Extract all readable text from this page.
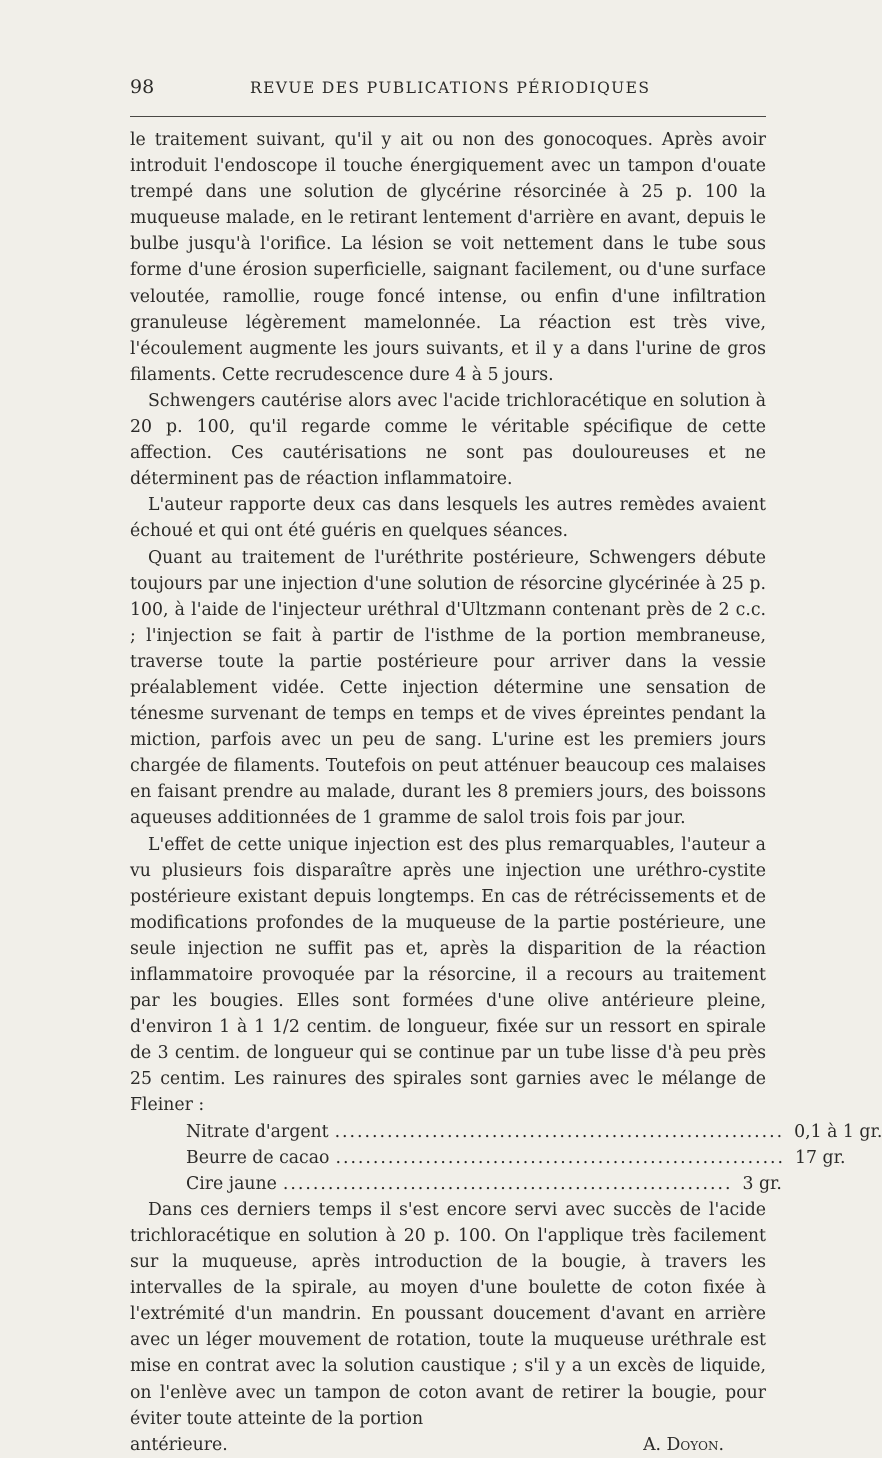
98	REVUE DES PUBLICATIONS PÉRIODIQUES

le traitement suivant, qu'il y ait ou non des gonocoques. Après avoir introduit l'endoscope il touche énergiquement avec un tampon d'ouate trempé dans une solution de glycérine résorcinée à 25 p. 100 la muqueuse malade, en le retirant lentement d'arrière en avant, depuis le bulbe jusqu'à l'orifice. La lésion se voit nettement dans le tube sous forme d'une érosion superficielle, saignant facilement, ou d'une surface veloutée, ramollie, rouge foncé intense, ou enfin d'une infiltration granuleuse légèrement mamelonnée. La réaction est très vive, l'écoulement augmente les jours suivants, et il y a dans l'urine de gros filaments. Cette recrudescence dure 4 à 5 jours.

Schwengers cautérise alors avec l'acide trichloracétique en solution à 20 p. 100, qu'il regarde comme le véritable spécifique de cette affection. Ces cautérisations ne sont pas douloureuses et ne déterminent pas de réaction inflammatoire.

L'auteur rapporte deux cas dans lesquels les autres remèdes avaient échoué et qui ont été guéris en quelques séances.

Quant au traitement de l'uréthrite postérieure, Schwengers débute toujours par une injection d'une solution de résorcine glycérinée à 25 p. 100, à l'aide de l'injecteur uréthral d'Ultzmann contenant près de 2 c.c. ; l'injection se fait à partir de l'isthme de la portion membraneuse, traverse toute la partie postérieure pour arriver dans la vessie préalablement vidée. Cette injection détermine une sensation de ténesme survenant de temps en temps et de vives épreintes pendant la miction, parfois avec un peu de sang. L'urine est les premiers jours chargée de filaments. Toutefois on peut atténuer beaucoup ces malaises en faisant prendre au malade, durant les 8 premiers jours, des boissons aqueuses additionnées de 1 gramme de salol trois fois par jour.

L'effet de cette unique injection est des plus remarquables, l'auteur a vu plusieurs fois disparaître après une injection une uréthro-cystite postérieure existant depuis longtemps. En cas de rétrécissements et de modifications profondes de la muqueuse de la partie postérieure, une seule injection ne suffit pas et, après la disparition de la réaction inflammatoire provoquée par la résorcine, il a recours au traitement par les bougies. Elles sont formées d'une olive antérieure pleine, d'environ 1 à 1 1/2 centim. de longueur, fixée sur un ressort en spirale de 3 centim. de longueur qui se continue par un tube lisse d'à peu près 25 centim. Les rainures des spirales sont garnies avec le mélange de Fleiner :

Nitrate d'argent ............................................................ 0,1 à 1 gr.
Beurre de cacao ............................................................ 17 gr.
Cire jaune ............................................................ 3 gr.

Dans ces derniers temps il s'est encore servi avec succès de l'acide trichloracétique en solution à 20 p. 100. On l'applique très facilement sur la muqueuse, après introduction de la bougie, à travers les intervalles de la spirale, au moyen d'une boulette de coton fixée à l'extrémité d'un mandrin. En poussant doucement d'avant en arrière avec un léger mouvement de rotation, toute la muqueuse uréthrale est mise en contrat avec la solution caustique ; s'il y a un excès de liquide, on l'enlève avec un tampon de coton avant de retirer la bougie, pour éviter toute atteinte de la portion

antérieure.	A. Doyon.
